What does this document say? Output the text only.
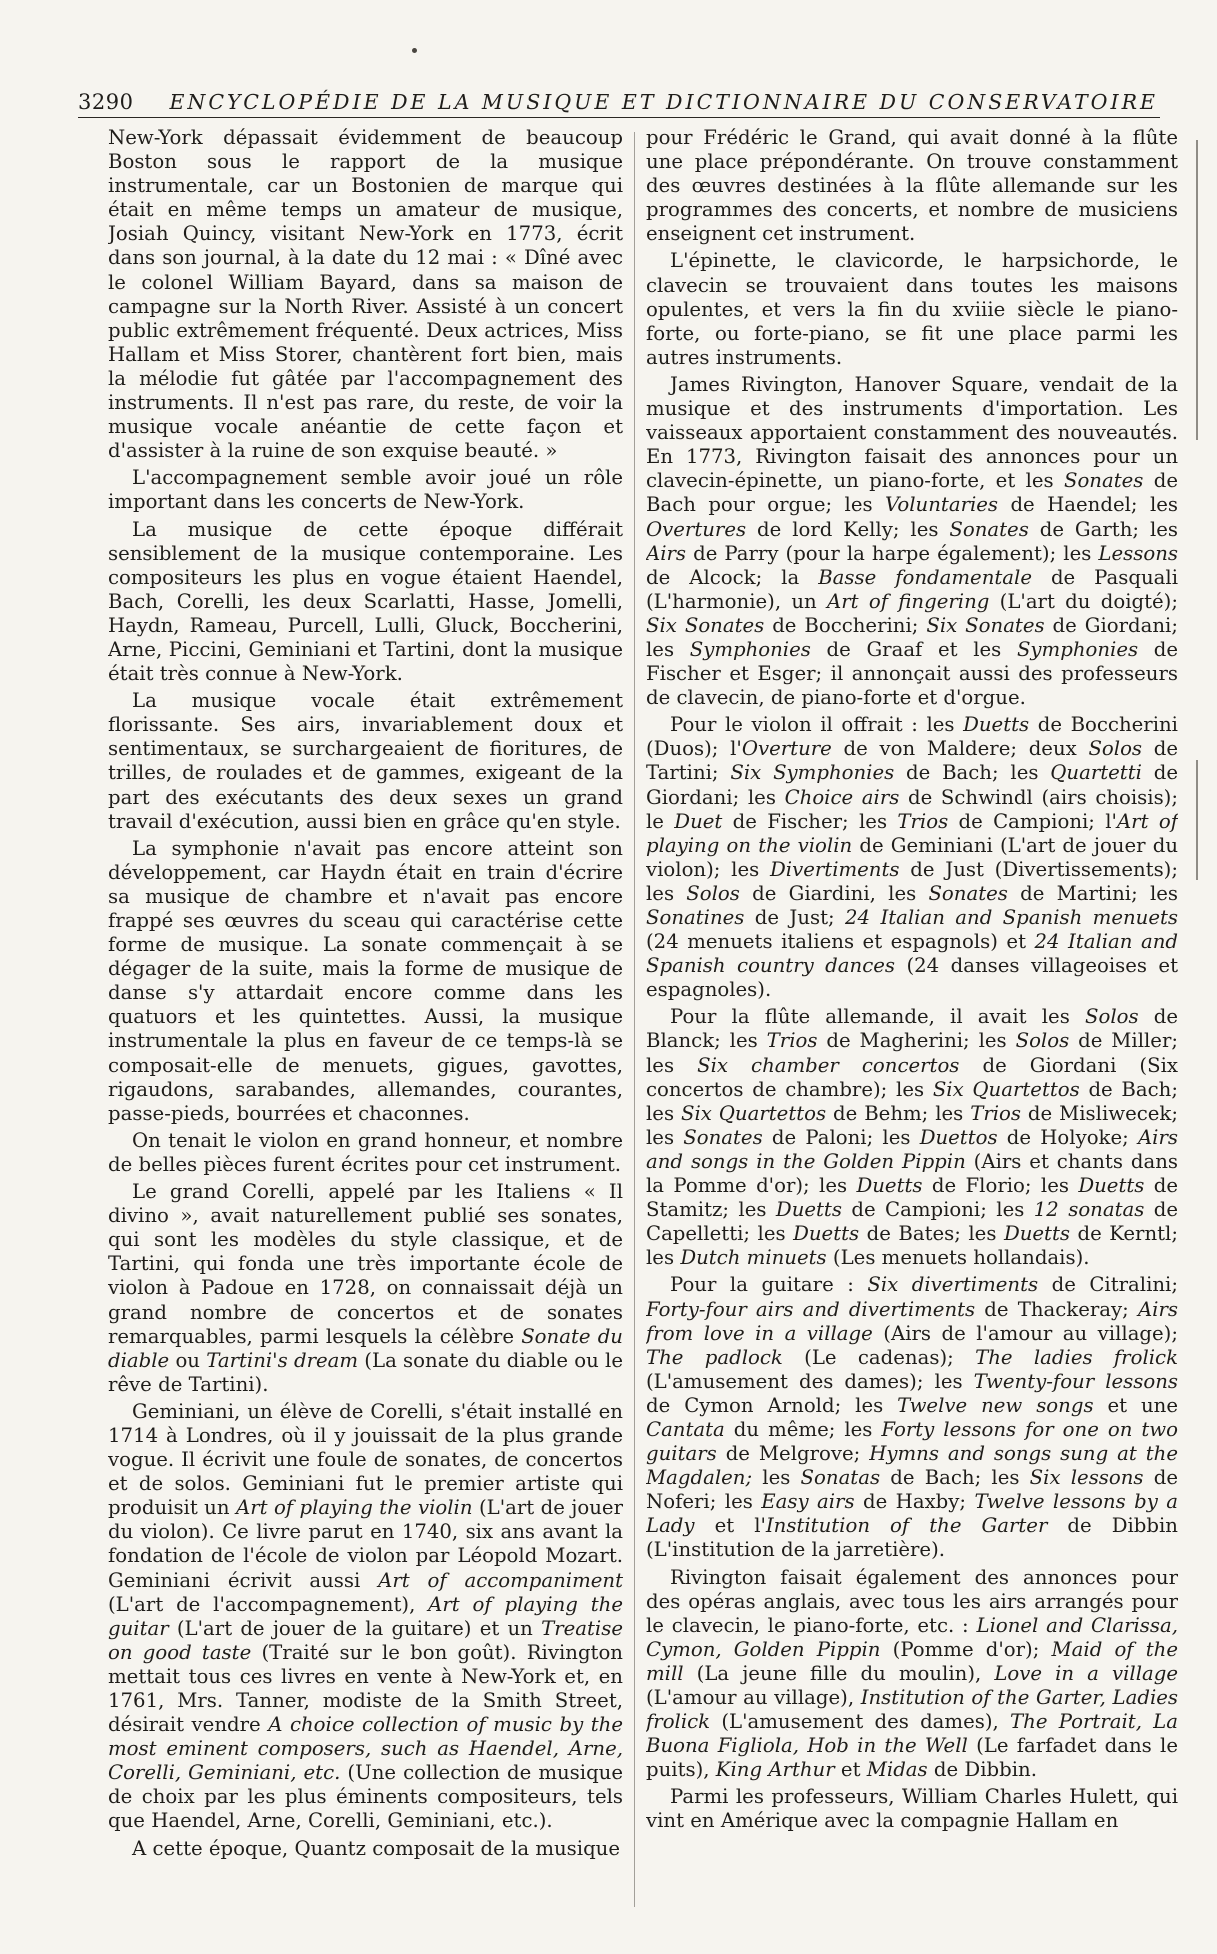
3290	ENCYCLOPÉDIE DE LA MUSIQUE ET DICTIONNAIRE DU CONSERVATOIRE

New-York dépassait évidemment de beaucoup Boston sous le rapport de la musique instrumentale, car un Bostonien de marque qui était en même temps un amateur de musique, Josiah Quincy, visitant New-York en 1773, écrit dans son journal, à la date du 12 mai : « Dîné avec le colonel William Bayard, dans sa maison de campagne sur la North River. Assisté à un concert public extrêmement fréquenté. Deux actrices, Miss Hallam et Miss Storer, chantèrent fort bien, mais la mélodie fut gâtée par l'accompagnement des instruments. Il n'est pas rare, du reste, de voir la musique vocale anéantie de cette façon et d'assister à la ruine de son exquise beauté. »

L'accompagnement semble avoir joué un rôle important dans les concerts de New-York.

La musique de cette époque différait sensiblement de la musique contemporaine. Les compositeurs les plus en vogue étaient Haendel, Bach, Corelli, les deux Scarlatti, Hasse, Jomelli, Haydn, Rameau, Purcell, Lulli, Gluck, Boccherini, Arne, Piccini, Geminiani et Tartini, dont la musique était très connue à New-York.

La musique vocale était extrêmement florissante. Ses airs, invariablement doux et sentimentaux, se surchargeaient de fioritures, de trilles, de roulades et de gammes, exigeant de la part des exécutants des deux sexes un grand travail d'exécution, aussi bien en grâce qu'en style.

La symphonie n'avait pas encore atteint son développement, car Haydn était en train d'écrire sa musique de chambre et n'avait pas encore frappé ses œuvres du sceau qui caractérise cette forme de musique. La sonate commençait à se dégager de la suite, mais la forme de musique de danse s'y attardait encore comme dans les quatuors et les quintettes. Aussi, la musique instrumentale la plus en faveur de ce temps-là se composait-elle de menuets, gigues, gavottes, rigaudons, sarabandes, allemandes, courantes, passe-pieds, bourrées et chaconnes.

On tenait le violon en grand honneur, et nombre de belles pièces furent écrites pour cet instrument.

Le grand Corelli, appelé par les Italiens « Il divino », avait naturellement publié ses sonates, qui sont les modèles du style classique, et de Tartini, qui fonda une très importante école de violon à Padoue en 1728, on connaissait déjà un grand nombre de concertos et de sonates remarquables, parmi lesquels la célèbre Sonate du diable ou Tartini's dream (La sonate du diable ou le rêve de Tartini).

Geminiani, un élève de Corelli, s'était installé en 1714 à Londres, où il y jouissait de la plus grande vogue. Il écrivit une foule de sonates, de concertos et de solos. Geminiani fut le premier artiste qui produisit un Art of playing the violin (L'art de jouer du violon). Ce livre parut en 1740, six ans avant la fondation de l'école de violon par Léopold Mozart. Geminiani écrivit aussi Art of accompaniment (L'art de l'accompagnement), Art of playing the guitar (L'art de jouer de la guitare) et un Treatise on good taste (Traité sur le bon goût). Rivington mettait tous ces livres en vente à New-York et, en 1761, Mrs. Tanner, modiste de la Smith Street, désirait vendre A choice collection of music by the most eminent composers, such as Haendel, Arne, Corelli, Geminiani, etc. (Une collection de musique de choix par les plus éminents compositeurs, tels que Haendel, Arne, Corelli, Geminiani, etc.).

A cette époque, Quantz composait de la musique

pour Frédéric le Grand, qui avait donné à la flûte une place prépondérante. On trouve constamment des œuvres destinées à la flûte allemande sur les programmes des concerts, et nombre de musiciens enseignent cet instrument.

L'épinette, le clavicorde, le harpsichorde, le clavecin se trouvaient dans toutes les maisons opulentes, et vers la fin du xviiie siècle le piano-forte, ou forte-piano, se fit une place parmi les autres instruments.

James Rivington, Hanover Square, vendait de la musique et des instruments d'importation. Les vaisseaux apportaient constamment des nouveautés. En 1773, Rivington faisait des annonces pour un clavecin-épinette, un piano-forte, et les Sonates de Bach pour orgue; les Voluntaries de Haendel; les Overtures de lord Kelly; les Sonates de Garth; les Airs de Parry (pour la harpe également); les Lessons de Alcock; la Basse fondamentale de Pasquali (L'harmonie), un Art of fingering (L'art du doigté); Six Sonates de Boccherini; Six Sonates de Giordani; les Symphonies de Graaf et les Symphonies de Fischer et Esger; il annonçait aussi des professeurs de clavecin, de piano-forte et d'orgue.

Pour le violon il offrait : les Duetts de Boccherini (Duos); l'Overture de von Maldere; deux Solos de Tartini; Six Symphonies de Bach; les Quartetti de Giordani; les Choice airs de Schwindl (airs choisis); le Duet de Fischer; les Trios de Campioni; l'Art of playing on the violin de Geminiani (L'art de jouer du violon); les Divertiments de Just (Divertissements); les Solos de Giardini, les Sonates de Martini; les Sonatines de Just; 24 Italian and Spanish menuets (24 menuets italiens et espagnols) et 24 Italian and Spanish country dances (24 danses villageoises et espagnoles).

Pour la flûte allemande, il avait les Solos de Blanck; les Trios de Magherini; les Solos de Miller; les Six chamber concertos de Giordani (Six concertos de chambre); les Six Quartettos de Bach; les Six Quartettos de Behm; les Trios de Misliwecek; les Sonates de Paloni; les Duettos de Holyoke; Airs and songs in the Golden Pippin (Airs et chants dans la Pomme d'or); les Duetts de Florio; les Duetts de Stamitz; les Duetts de Campioni; les 12 sonatas de Capelletti; les Duetts de Bates; les Duetts de Kerntl; les Dutch minuets (Les menuets hollandais).

Pour la guitare : Six divertiments de Citralini; Forty-four airs and divertiments de Thackeray; Airs from love in a village (Airs de l'amour au village); The padlock (Le cadenas); The ladies frolick (L'amusement des dames); les Twenty-four lessons de Cymon Arnold; les Twelve new songs et une Cantata du même; les Forty lessons for one on two guitars de Melgrove; Hymns and songs sung at the Magdalen; les Sonatas de Bach; les Six lessons de Noferi; les Easy airs de Haxby; Twelve lessons by a Lady et l'Institution of the Garter de Dibbin (L'institution de la jarretière).

Rivington faisait également des annonces pour des opéras anglais, avec tous les airs arrangés pour le clavecin, le piano-forte, etc. : Lionel and Clarissa, Cymon, Golden Pippin (Pomme d'or); Maid of the mill (La jeune fille du moulin), Love in a village (L'amour au village), Institution of the Garter, Ladies frolick (L'amusement des dames), The Portrait, La Buona Figliola, Hob in the Well (Le farfadet dans le puits), King Arthur et Midas de Dibbin.

Parmi les professeurs, William Charles Hulett, qui vint en Amérique avec la compagnie Hallam en
